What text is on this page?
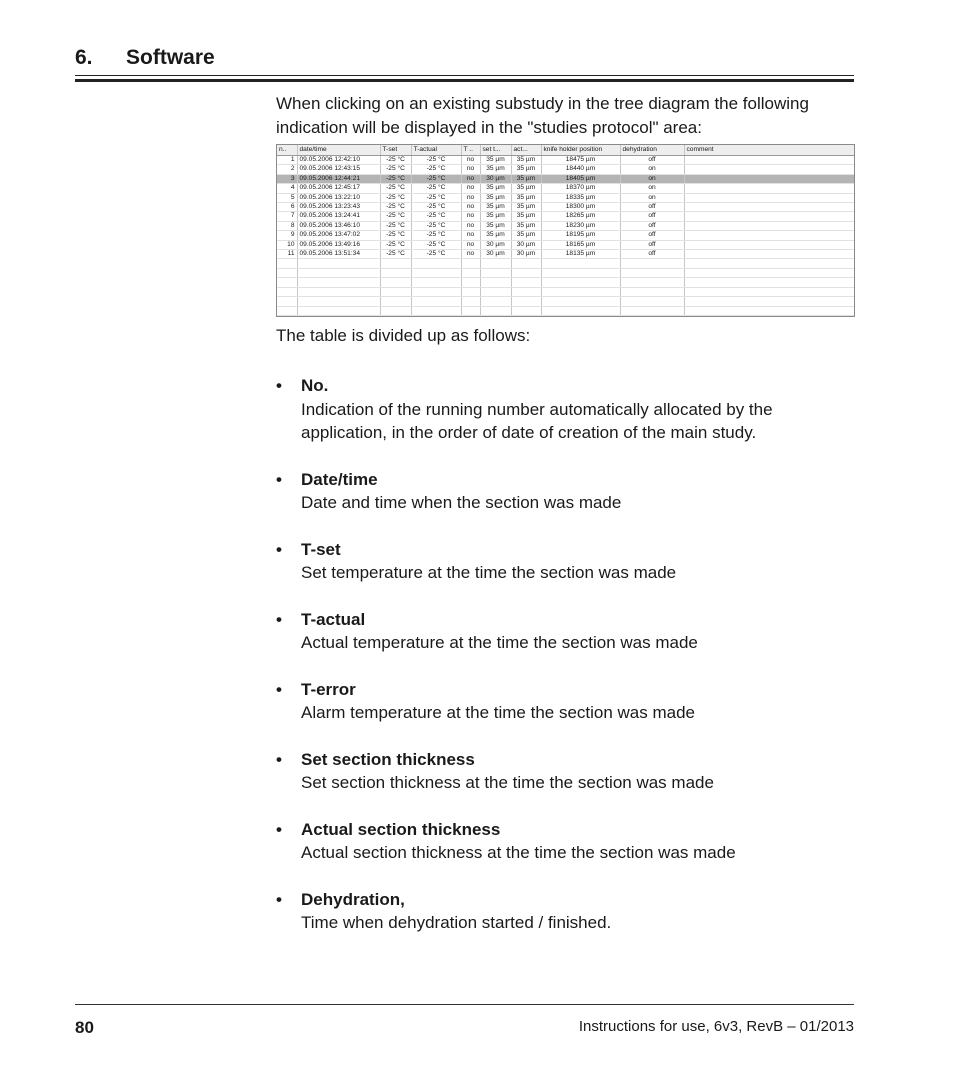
6. Software

When clicking on an existing substudy in the tree diagram the following indication will be displayed in the "studies protocol" area:

n..	date/time	T-set	T-actual	T ..	set t...	act...	knife holder position	dehydration	comment
1	09.05.2006 12:42:10	-25 °C	-25 °C	no	35 µm	35 µm	18475 µm	off	
2	09.05.2006 12:43:15	-25 °C	-25 °C	no	35 µm	35 µm	18440 µm	on	
3	09.05.2006 12:44:21	-25 °C	-25 °C	no	30 µm	35 µm	18405 µm	on	
4	09.05.2006 12:45:17	-25 °C	-25 °C	no	35 µm	35 µm	18370 µm	on	
5	09.05.2006 13:22:10	-25 °C	-25 °C	no	35 µm	35 µm	18335 µm	on	
6	09.05.2006 13:23:43	-25 °C	-25 °C	no	35 µm	35 µm	18300 µm	off	
7	09.05.2006 13:24:41	-25 °C	-25 °C	no	35 µm	35 µm	18265 µm	off	
8	09.05.2006 13:46:10	-25 °C	-25 °C	no	35 µm	35 µm	18230 µm	off	
9	09.05.2006 13:47:02	-25 °C	-25 °C	no	35 µm	35 µm	18195 µm	off	
10	09.05.2006 13:49:16	-25 °C	-25 °C	no	30 µm	30 µm	18165 µm	off	
11	09.05.2006 13:51:34	-25 °C	-25 °C	no	30 µm	30 µm	18135 µm	off	

The table is divided up as follows:
• No.
Indication of the running number automatically allocated by the application, in the order of date of creation of the main study.
• Date/time
Date and time when the section was made
• T-set
Set temperature at the time the section was made
• T-actual
Actual temperature at the time the section was made
• T-error
Alarm temperature at the time the section was made
• Set section thickness
Set section thickness at the time the section was made
• Actual section thickness
Actual section thickness at the time the section was made
• Dehydration,
Time when dehydration started / finished.
80	Instructions for use, 6v3, RevB – 01/2013
